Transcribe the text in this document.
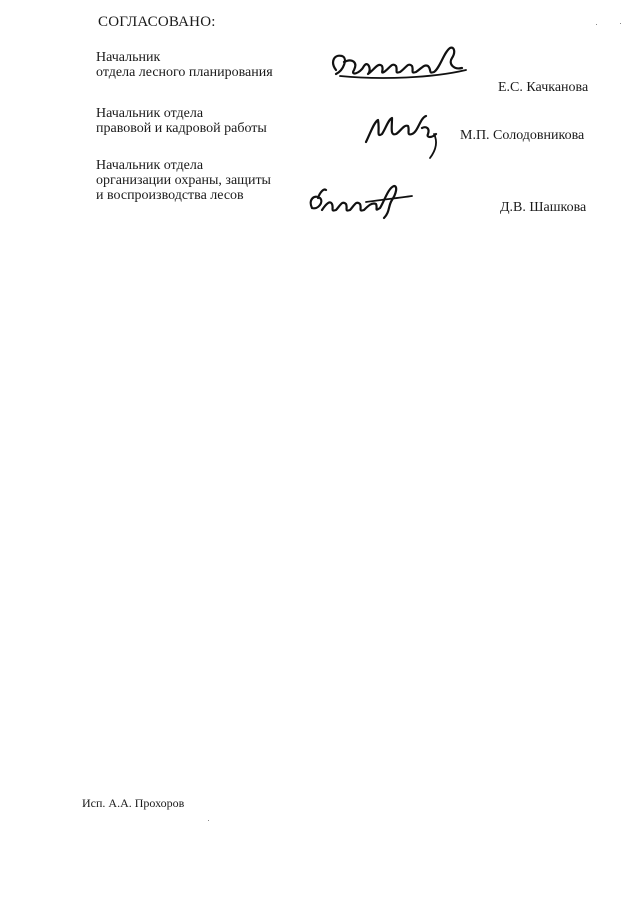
СОГЛАСОВАНО:
Начальник
отдела лесного планирования
Е.С. Качканова
Начальник отдела
правовой и кадровой работы	М.П. Солодовникова
Начальник отдела
организации охраны, защиты
и воспроизводства лесов
Д.В. Шашкова
Исп. А.А. Прохоров
